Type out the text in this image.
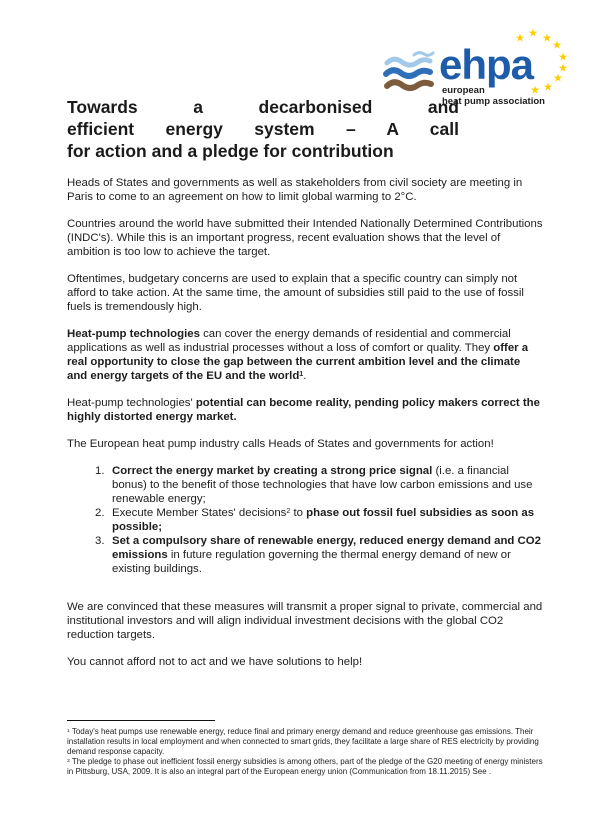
ehpa
european
heat pump association
Towards a decarbonised and
efficient energy system – A call
for action and a pledge for contribution

Heads of States and governments as well as stakeholders from civil society are meeting in Paris to come to an agreement on how to limit global warming to 2°C.

Countries around the world have submitted their Intended Nationally Determined Contributions (INDC's). While this is an important progress, recent evaluation shows that the level of ambition is too low to achieve the target.

Oftentimes, budgetary concerns are used to explain that a specific country can simply not afford to take action. At the same time, the amount of subsidies still paid to the use of fossil fuels is tremendously high.

Heat-pump technologies can cover the energy demands of residential and commercial applications as well as industrial processes without a loss of comfort or quality. They offer a real opportunity to close the gap between the current ambition level and the climate and energy targets of the EU and the world$^1$.

Heat-pump technologies' potential can become reality, pending policy makers correct the highly distorted energy market.

The European heat pump industry calls Heads of States and governments for action!

1. Correct the energy market by creating a strong price signal (i.e. a financial bonus) to the benefit of those technologies that have low carbon emissions and use renewable energy;
2. Execute Member States' decisions$^2$ to phase out fossil fuel subsidies as soon as possible;
3. Set a compulsory share of renewable energy, reduced energy demand and CO2 emissions in future regulation governing the thermal energy demand of new or existing buildings.

We are convinced that these measures will transmit a proper signal to private, commercial and institutional investors and will align individual investment decisions with the global CO2 reduction targets.

You cannot afford not to act and we have solutions to help!

$^1$ Today's heat pumps use renewable energy, reduce final and primary energy demand and reduce greenhouse gas emissions. Their installation results in local employment and when connected to smart grids, they facilitate a large share of RES electricity by providing demand response capacity.

$^2$ The pledge to phase out inefficient fossil energy subsidies is among others, part of the pledge of the G20 meeting of energy ministers in Pittsburg, USA, 2009. It is also an integral part of the European energy union (Communication from 18.11.2015) See .
